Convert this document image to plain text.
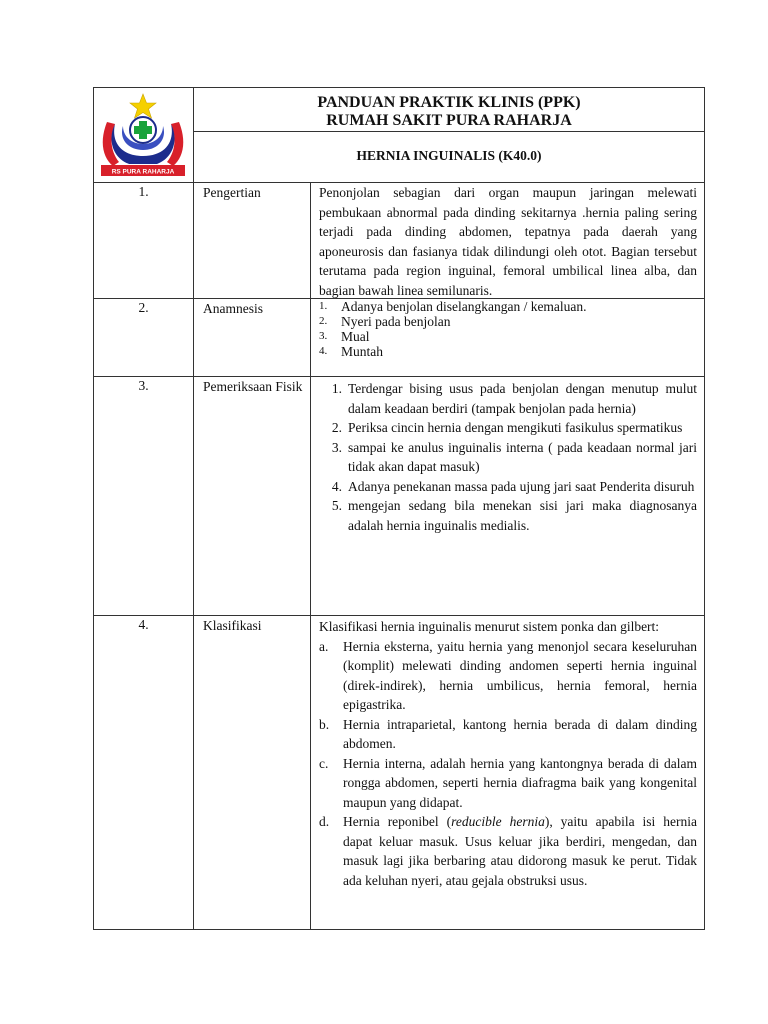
RS PURA RAHARJA
PANDUAN PRAKTIK KLINIS (PPK)
RUMAH SAKIT PURA RAHARJA
HERNIA INGUINALIS (K40.0)
1.	Pengertian	Penonjolan sebagian dari organ maupun jaringan melewati pembukaan abnormal pada dinding sekitarnya .hernia paling sering terjadi pada dinding abdomen, tepatnya pada daerah yang aponeurosis dan fasianya tidak dilindungi oleh otot. Bagian tersebut terutama pada region inguinal, femoral umbilical linea alba, dan bagian bawah linea semilunaris.

2.	Anamnesis	1.	Adanya benjolan diselangkangan / kemaluan.
2.	Nyeri pada benjolan
3.	Mual
4.	Muntah
3.	Pemeriksaan Fisik	1. Terdengar bising usus pada benjolan dengan menutup mulut dalam keadaan berdiri (tampak benjolan pada hernia)
2. Periksa cincin hernia dengan mengikuti fasikulus spermatikus
3. sampai ke anulus inguinalis interna ( pada keadaan normal jari tidak akan dapat masuk)
4. Adanya penekanan massa pada ujung jari saat Penderita disuruh
5. mengejan sedang bila menekan sisi jari maka diagnosanya adalah hernia inguinalis medialis.
4.	Klasifikasi	Klasifikasi hernia inguinalis menurut sistem ponka dan gilbert:

a.	Hernia eksterna, yaitu hernia yang menonjol secara keseluruhan (komplit) melewati dinding andomen seperti hernia inguinal (direk-indirek), hernia umbilicus, hernia femoral, hernia epigastrika.
b.	Hernia intraparietal, kantong hernia berada di dalam dinding abdomen.
c.	Hernia interna, adalah hernia yang kantongnya berada di dalam rongga abdomen, seperti hernia diafragma baik yang kongenital maupun yang didapat.
d.	Hernia reponibel (reducible hernia), yaitu apabila isi hernia dapat keluar masuk. Usus keluar jika berdiri, mengedan, dan masuk lagi jika berbaring atau didorong masuk ke perut. Tidak ada keluhan nyeri, atau gejala obstruksi usus.
